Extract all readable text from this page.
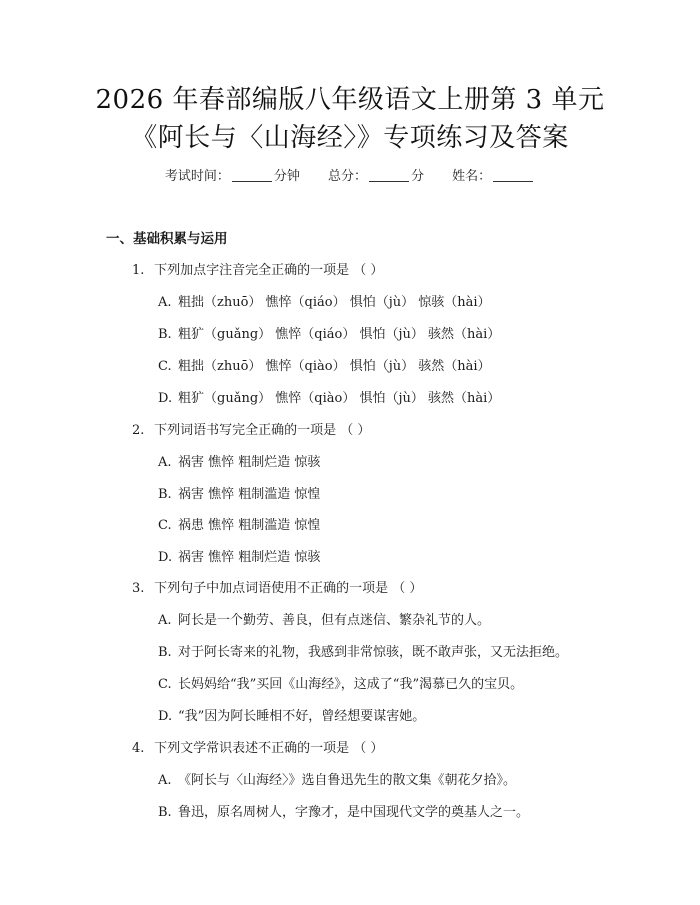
2026 年春部编版八年级语文上册第 3 单元
《阿长与〈山海经〉》专项练习及答案
考试时间：	分钟 总分：	分 姓名：
一、基础积累与运用
1. 下列加点字注音完全正确的一项是 （ ）
A. 粗拙（zhuō） 憔悴（qiáo） 惧怕（jù） 惊骇（hài）
B. 粗犷（guǎng） 憔悴（qiáo） 惧怕（jù） 骇然（hài）
C. 粗拙（zhuō） 憔悴（qiào） 惧怕（jù） 骇然（hài）
D. 粗犷（guǎng） 憔悴（qiào） 惧怕（jù） 骇然（hài）
2. 下列词语书写完全正确的一项是 （ ）
A. 祸害 憔悴 粗制烂造 惊骇
B. 祸害 憔悴 粗制滥造 惊惶
C. 祸患 憔悴 粗制滥造 惊惶
D. 祸害 憔悴 粗制烂造 惊骇
3. 下列句子中加点词语使用不正确的一项是 （ ）
A. 阿长是一个勤劳、善良，但有点迷信、繁杂礼节的人。
B. 对于阿长寄来的礼物，我感到非常惊骇，既不敢声张，又无法拒绝。
C. 长妈妈给“我”买回《山海经》，这成了“我”渴慕已久的宝贝。
D. “我”因为阿长睡相不好，曾经想要谋害她。
4. 下列文学常识表述不正确的一项是 （ ）
A. 《阿长与〈山海经〉》选自鲁迅先生的散文集《朝花夕拾》。
B. 鲁迅，原名周树人，字豫才，是中国现代文学的奠基人之一。
